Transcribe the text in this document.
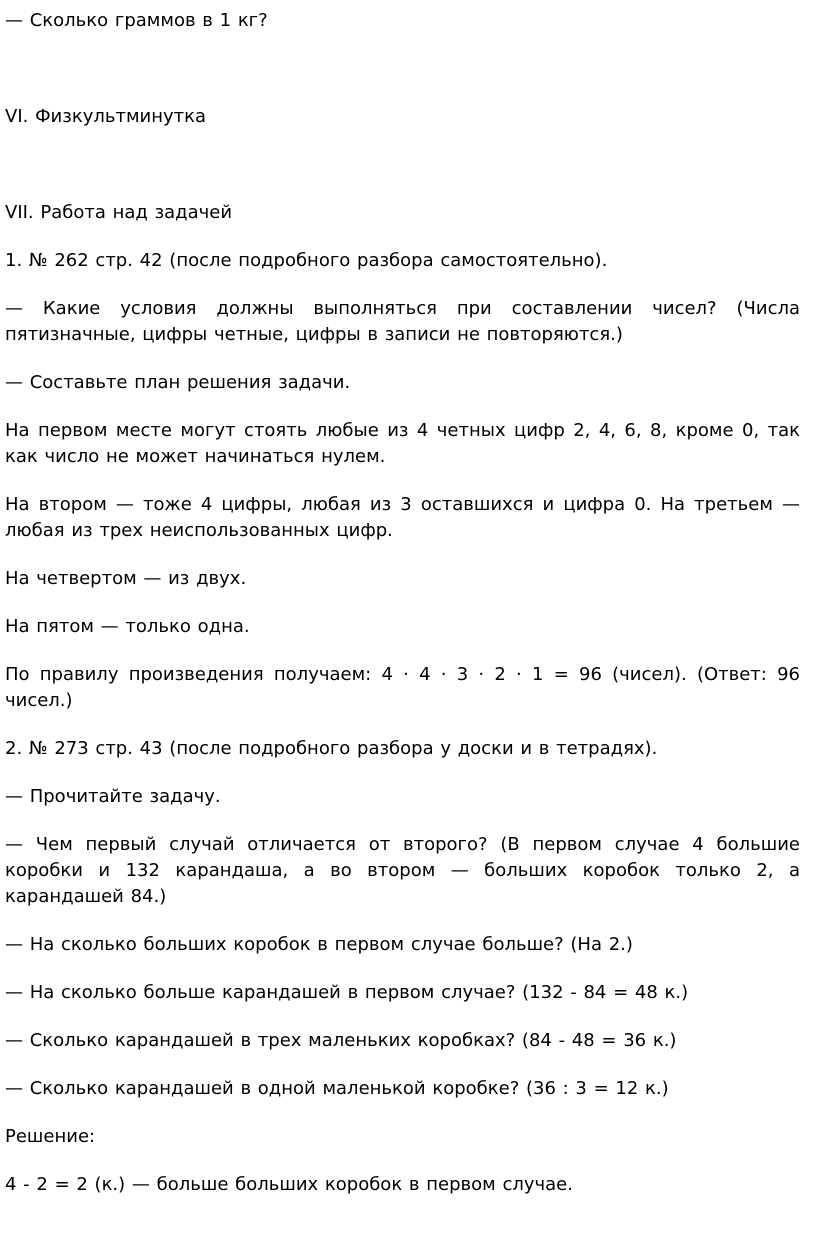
— Сколько граммов в 1 кг?

VI. Физкультминутка

VII. Работа над задачей

1. № 262 стр. 42 (после подробного разбора самостоятельно).

— Какие условия должны выполняться при составлении чисел? (Числа пятизначные, цифры четные, цифры в записи не повторяются.)

— Составьте план решения задачи.

На первом месте могут стоять любые из 4 четных цифр 2, 4, 6, 8, кроме 0, так как число не может начинаться нулем.

На втором — тоже 4 цифры, любая из 3 оставшихся и цифра 0. На третьем — любая из трех неиспользованных цифр.

На четвертом — из двух.

На пятом — только одна.

По правилу произведения получаем: 4 · 4 · 3 · 2 · 1 = 96 (чисел). (Ответ: 96 чисел.)

2. № 273 стр. 43 (после подробного разбора у доски и в тетрадях).

— Прочитайте задачу.

— Чем первый случай отличается от второго? (В первом случае 4 большие коробки и 132 карандаша, а во втором — больших коробок только 2, а карандашей 84.)

— На сколько больших коробок в первом случае больше? (На 2.)

— На сколько больше карандашей в первом случае? (132 - 84 = 48 к.)

— Сколько карандашей в трех маленьких коробках? (84 - 48 = 36 к.)

— Сколько карандашей в одной маленькой коробке? (36 : 3 = 12 к.)

Решение:

4 - 2 = 2 (к.) — больше больших коробок в первом случае.
